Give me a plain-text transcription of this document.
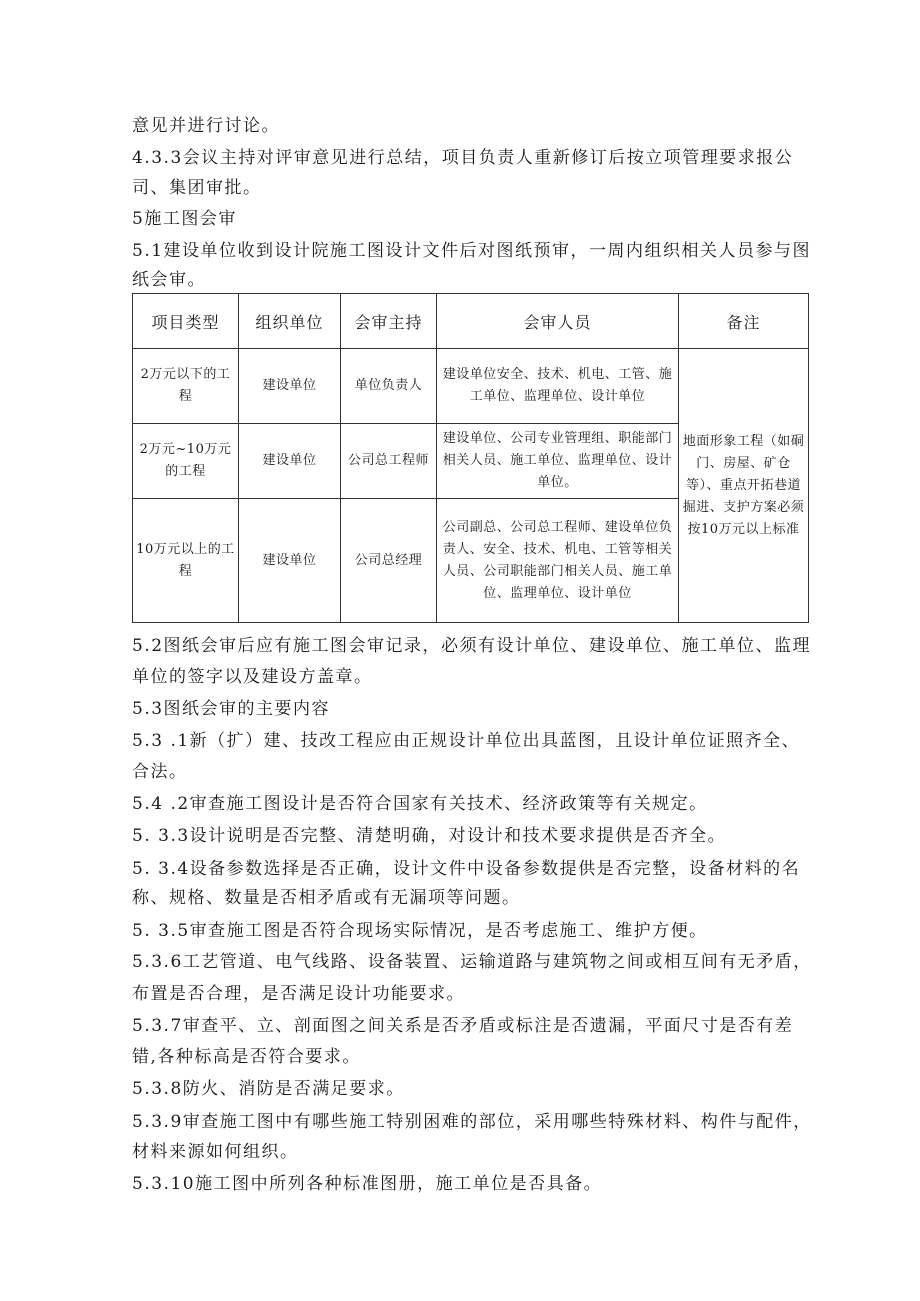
意见并进行讨论。
4.3.3会议主持对评审意见进行总结，项目负责人重新修订后按立项管理要求报公
司、集团审批。
5施工图会审
5.1建设单位收到设计院施工图设计文件后对图纸预审，一周内组织相关人员参与图
纸会审。
项目类型	组织单位	会审主持	会审人员	备注

2万元以下的工程	建设单位	单位负责人	建设单位安全、技术、机电、工管、施工单位、监理单位、设计单位	地面形象工程（如硐门、房屋、矿仓等）、重点开拓巷道掘进、支护方案必须按10万元以上标准

2万元~10万元的工程	建设单位	公司总工程师	建设单位、公司专业管理组、职能部门相关人员、施工单位、监理单位、设计单位。	

10万元以上的工程	建设单位	公司总经理	公司副总、公司总工程师、建设单位负责人、安全、技术、机电、工管等相关人员、公司职能部门相关人员、施工单位、监理单位、设计单位	
5.2图纸会审后应有施工图会审记录，必须有设计单位、建设单位、施工单位、监理
单位的签字以及建设方盖章。
5.3图纸会审的主要内容
5.3 .1新（扩）建、技改工程应由正规设计单位出具蓝图，且设计单位证照齐全、
合法。
5.4 .2审查施工图设计是否符合国家有关技术、经济政策等有关规定。
5. 3.3设计说明是否完整、清楚明确，对设计和技术要求提供是否齐全。
5. 3.4设备参数选择是否正确，设计文件中设备参数提供是否完整，设备材料的名
称、规格、数量是否相矛盾或有无漏项等问题。
5. 3.5审查施工图是否符合现场实际情况，是否考虑施工、维护方便。
5.3.6工艺管道、电气线路、设备装置、运输道路与建筑物之间或相互间有无矛盾，
布置是否合理，是否满足设计功能要求。
5.3.7审查平、立、剖面图之间关系是否矛盾或标注是否遗漏，平面尺寸是否有差
错,各种标高是否符合要求。
5.3.8防火、消防是否满足要求。
5.3.9审查施工图中有哪些施工特别困难的部位，采用哪些特殊材料、构件与配件，
材料来源如何组织。
5.3.10施工图中所列各种标准图册，施工单位是否具备。
